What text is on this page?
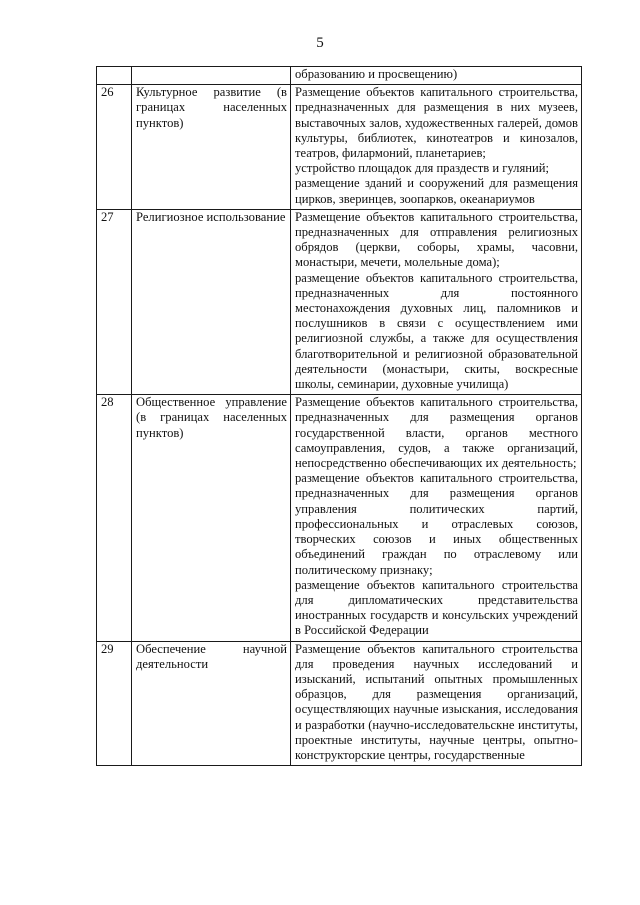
5

		образованию и просвещению)

26	Культурное развитие (в границах населенных пунктов)	Размещение объектов капитального строительства, предназначенных для размещения в них музеев, выставочных залов, художественных галерей, домов культуры, библиотек, кинотеатров и кинозалов, театров, филармоний, планетариев;

устройство площадок для праздеств и гуляний;

размещение зданий и сооружений для размещения цирков, зверинцев, зоопарков, океанариумов

27	Религиозное использование	Размещение объектов капитального строительства, предназначенных для отправления религиозных обрядов (церкви, соборы, храмы, часовни, монастыри, мечети, молельные дома);

размещение объектов капитального строительства, предназначенных для постоянного местонахождения духовных лиц, паломников и послушников в связи с осуществлением ими религиозной службы, а также для осуществления благотворительной и религиозной образовательной деятельности (монастыри, скиты, воскресные школы, семинарии, духовные училища)

28	Общественное управление (в границах населенных пунктов)	Размещение объектов капитального строительства, предназначенных для размещения органов государственной власти, органов местного самоуправления, судов, а также организаций, непосредственно обеспечивающих их деятельность;

размещение объектов капитального строительства, предназначенных для размещения органов управления политических партий, профессиональных и отраслевых союзов, творческих союзов и иных общественных объединений граждан по отраслевому или политическому признаку;

размещение объектов капитального строительства для дипломатических представительства иностранных государств и консульских учреждений в Российской Федерации

29	Обеспечение научной деятельности	Размещение объектов капитального строительства для проведения научных исследований и изысканий, испытаний опытных промышленных образцов, для размещения организаций, осуществляющих научные изыскания, исследования и разработки (научно-исследовательскне институты, проектные институты, научные центры, опытно-конструкторские центры, государственные
